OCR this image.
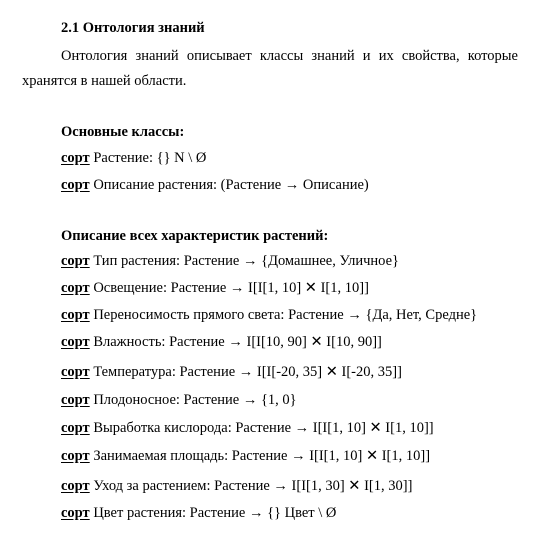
2.1 Онтология знаний
Онтология знаний описывает классы знаний и их свойства, которые хранятся в нашей области.
Основные классы:
сорт Растение: {} N \ Ø
сорт Описание растения: (Растение → Описание)
Описание всех характеристик растений:
сорт Тип растения: Растение → {Домашнее, Уличное}
сорт Освещение: Растение → I[I[1, 10] ✕ I[1, 10]]
сорт Переносимость прямого света: Растение → {Да, Нет, Средне}
сорт Влажность: Растение → I[I[10, 90] ✕ I[10, 90]]
сорт Температура: Растение → I[I[-20, 35] ✕ I[-20, 35]]
сорт Плодоносное: Растение → {1, 0}
сорт Выработка кислорода: Растение → I[I[1, 10] ✕ I[1, 10]]
сорт Занимаемая площадь: Растение → I[I[1, 10] ✕ I[1, 10]]
сорт Уход за растением: Растение → I[I[1, 30] ✕ I[1, 30]]
сорт Цвет растения: Растение → {} Цвет \ Ø
